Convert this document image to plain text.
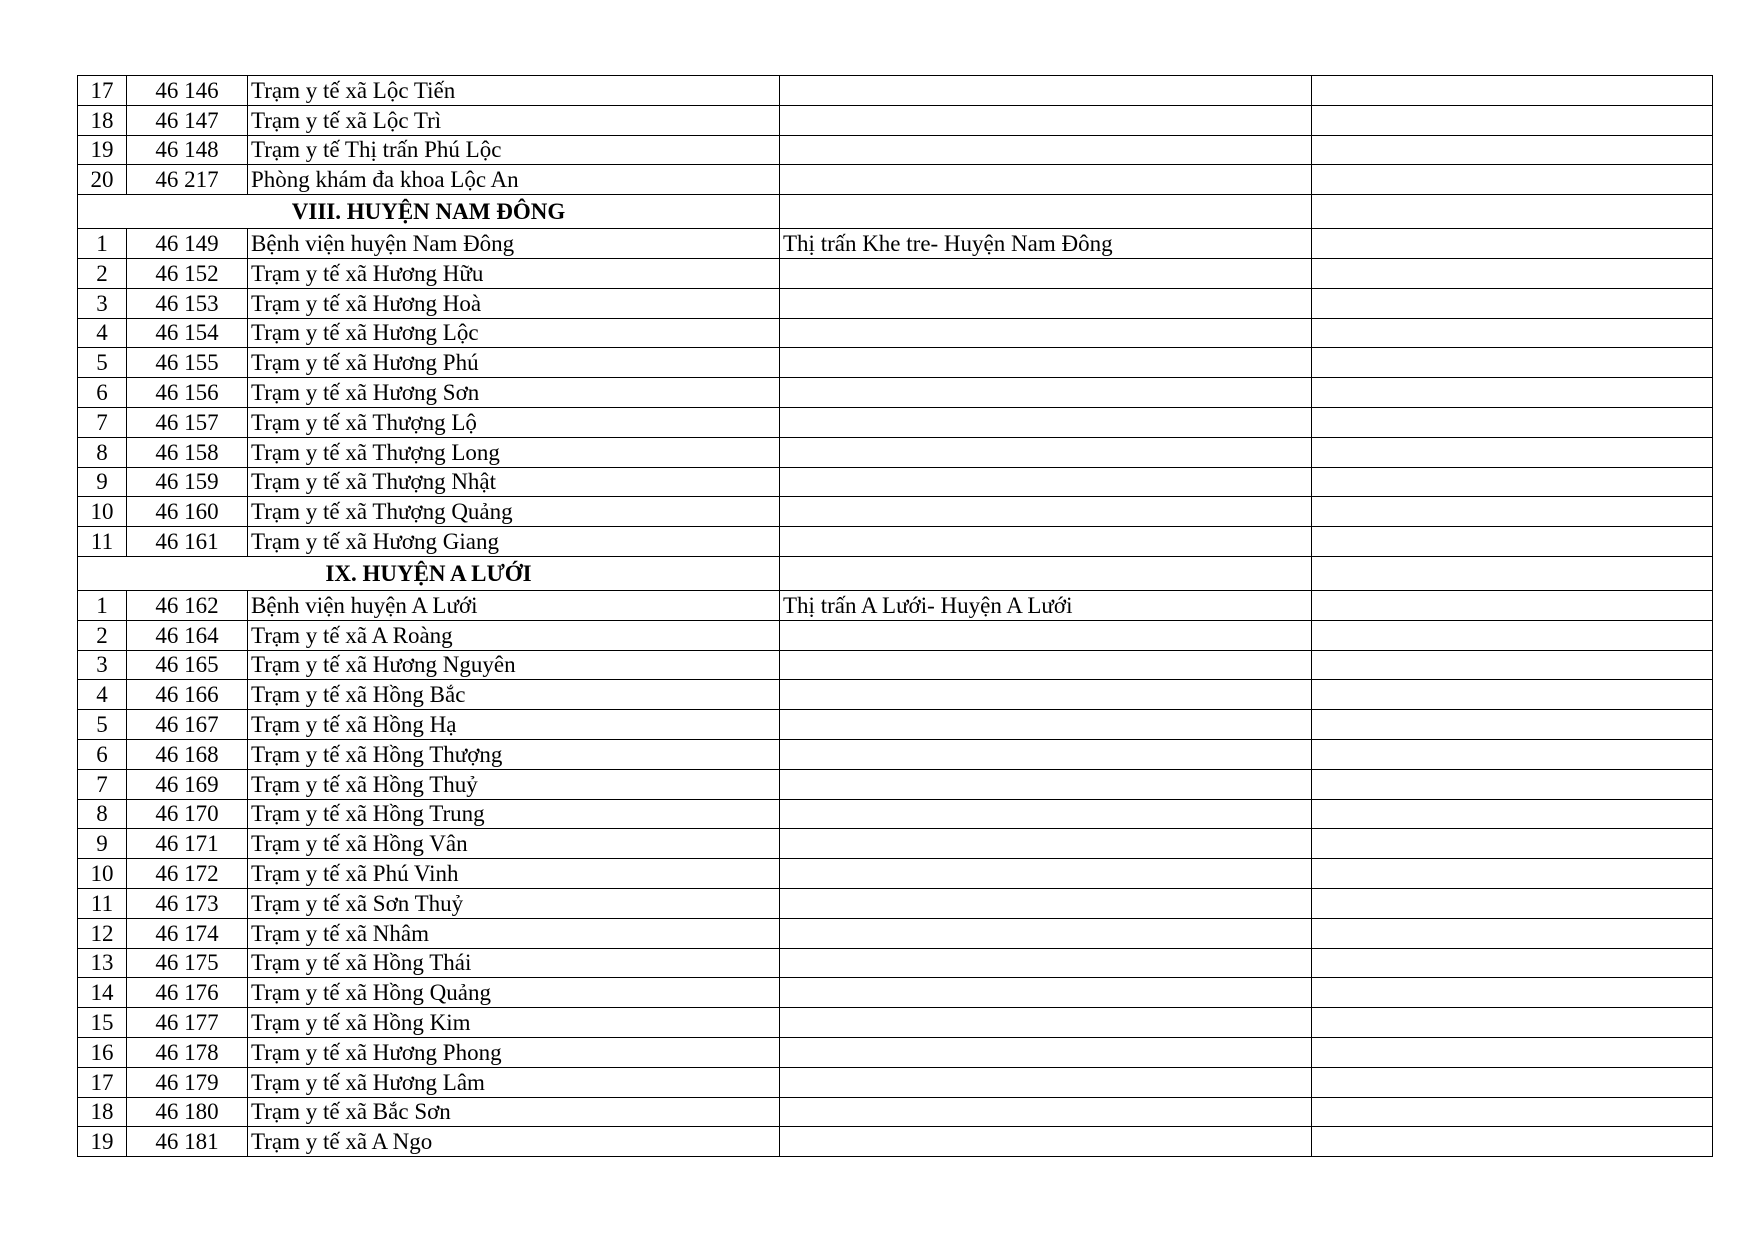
17	46 146	Trạm y tế xã Lộc Tiến		
18	46 147	Trạm y tế xã Lộc Trì		
19	46 148	Trạm y tế Thị trấn Phú Lộc		
20	46 217	Phòng khám đa khoa Lộc An		
VIII. HUYỆN NAM ĐÔNG				
1	46 149	Bệnh viện huyện Nam Đông	Thị trấn Khe tre- Huyện Nam Đông	
2	46 152	Trạm y tế xã Hương Hữu		
3	46 153	Trạm y tế xã Hương Hoà		
4	46 154	Trạm y tế xã Hương Lộc		
5	46 155	Trạm y tế xã Hương Phú		
6	46 156	Trạm y tế xã Hương Sơn		
7	46 157	Trạm y tế xã Thượng Lộ		
8	46 158	Trạm y tế xã Thượng Long		
9	46 159	Trạm y tế xã Thượng Nhật		
10	46 160	Trạm y tế xã Thượng Quảng		
11	46 161	Trạm y tế xã Hương Giang		
IX. HUYỆN A LƯỚI				
1	46 162	Bệnh viện huyện A Lưới	Thị trấn A Lưới- Huyện A Lưới	
2	46 164	Trạm y tế xã A Roàng		
3	46 165	Trạm y tế xã Hương Nguyên		
4	46 166	Trạm y tế xã Hồng Bắc		
5	46 167	Trạm y tế xã Hồng Hạ		
6	46 168	Trạm y tế xã Hồng Thượng		
7	46 169	Trạm y tế xã Hồng Thuỷ		
8	46 170	Trạm y tế xã Hồng Trung		
9	46 171	Trạm y tế xã Hồng Vân		
10	46 172	Trạm y tế xã Phú Vinh		
11	46 173	Trạm y tế xã Sơn Thuỷ		
12	46 174	Trạm y tế xã Nhâm		
13	46 175	Trạm y tế xã Hồng Thái		
14	46 176	Trạm y tế xã Hồng Quảng		
15	46 177	Trạm y tế xã Hồng Kim		
16	46 178	Trạm y tế xã Hương Phong		
17	46 179	Trạm y tế xã Hương Lâm		
18	46 180	Trạm y tế xã Bắc Sơn		
19	46 181	Trạm y tế xã A Ngo		
